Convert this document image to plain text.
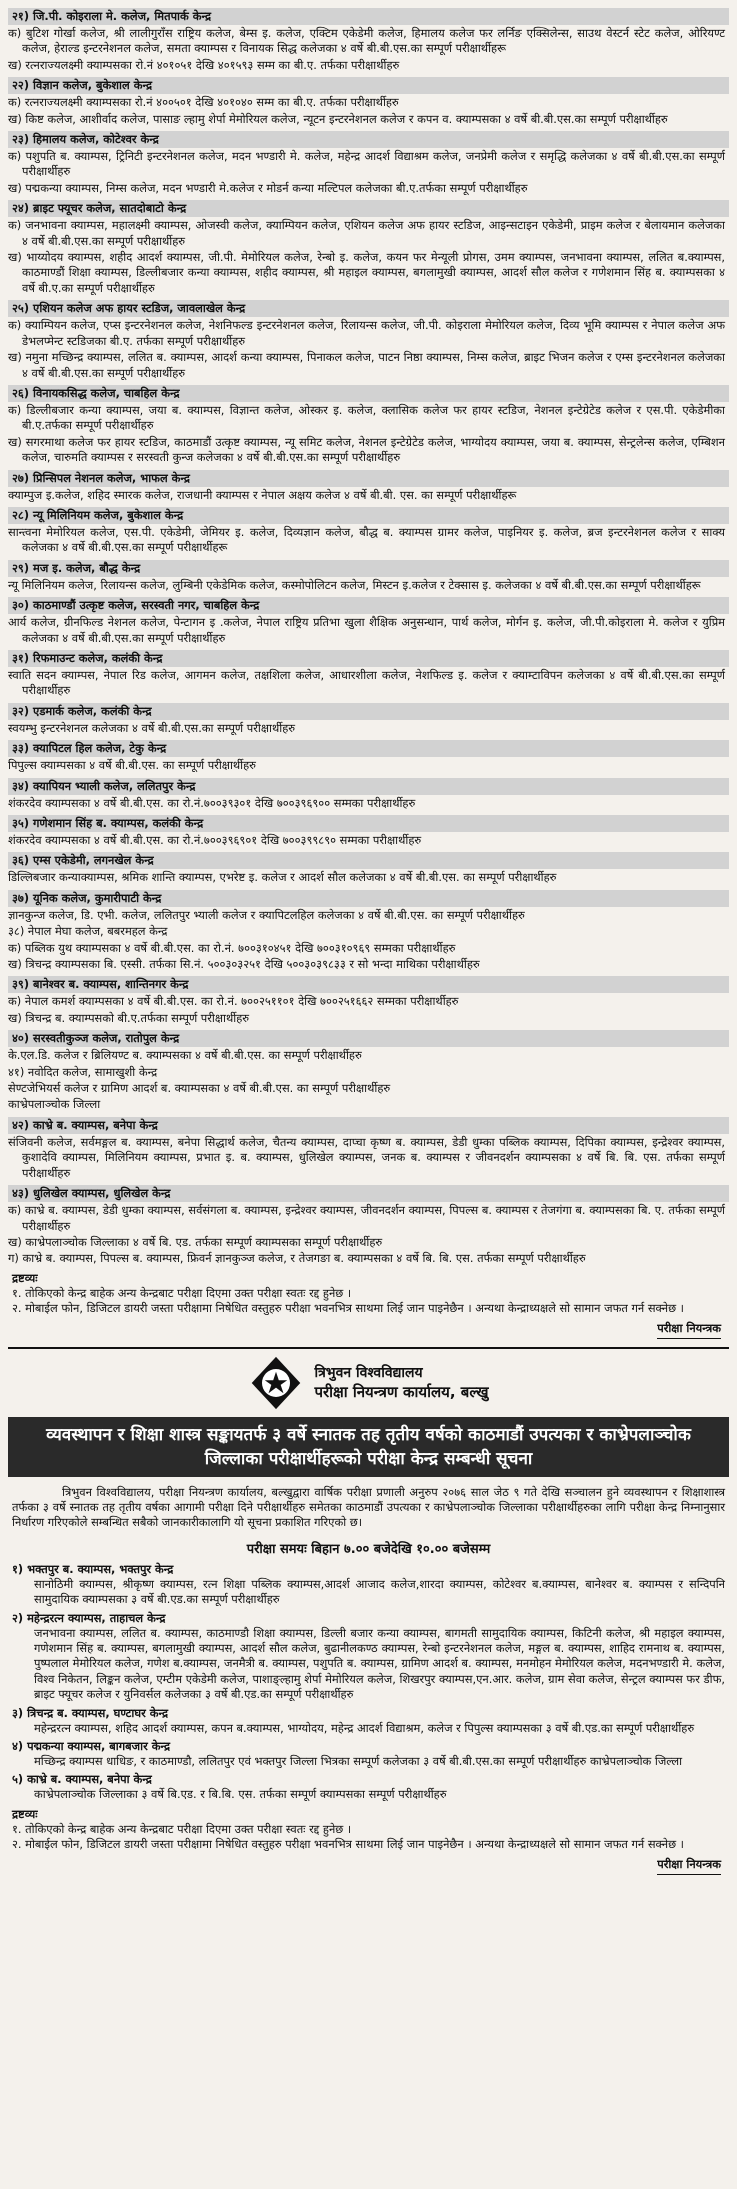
२१) जि.पी. कोइराला मे. कलेज, मितपार्क केन्द्र
क) बुटिश गोर्खा कलेज, श्री लालीगुराँस राष्ट्रिय कलेज, बेम्स इ. कलेज, एक्टिम एकेडेमी कलेज, हिमालय कलेज फर लर्निङ एक्सिलेन्स, साउथ वेस्टर्न स्टेट कलेज, ओरियण्ट कलेज, हेराल्ड इन्टरनेशनल कलेज, समता क्याम्पस र विनायक सिद्ध कलेजका ४ वर्षे बी.बी.एस.का सम्पूर्ण परीक्षार्थीहरू
ख) रत्नराज्यलक्ष्मी क्याम्पसका रो.नं ४०१०५१ देखि ४०१५९३ सम्म का बी.ए. तर्फका परीक्षार्थीहरु
२२) विज्ञान कलेज, बुकेशाल केन्द्र
क) रत्नराज्यलक्ष्मी क्याम्पसका रो.नं ४००५०१ देखि ४०१०४० सम्म का बी.ए. तर्फका परीक्षार्थीहरु
ख) किष्ट कलेज, आशीर्वाद कलेज, पासाङ ल्हामु शेर्पा मेमोरियल कलेज, न्यूटन इन्टरनेशनल कलेज र कपन व. क्याम्पसका ४ वर्षे बी.बी.एस.का सम्पूर्ण परीक्षार्थीहरु
२३) हिमालय कलेज, कोटेश्वर केन्द्र
क) पशुपति ब. क्याम्पस, ट्रिनिटी इन्टरनेशनल कलेज, मदन भण्डारी मे. कलेज, महेन्द्र आदर्श विद्याश्रम कलेज, जनप्रेमी कलेज र समृद्धि कलेजका ४ वर्षे बी.बी.एस.का सम्पूर्ण परीक्षार्थीहरु
ख) पद्मकन्या क्याम्पस, निम्स कलेज, मदन भण्डारी मे.कलेज र मोडर्न कन्या मल्टिपल कलेजका बी.ए.तर्फका सम्पूर्ण परीक्षार्थीहरु
२४) ब्राइट फ्यूचर कलेज, सातदोबाटो केन्द्र
क) जनभावना क्याम्पस, महालक्ष्मी क्याम्पस, ओजस्वी कलेज, क्याम्पियन कलेज, एशियन कलेज अफ हायर स्टडिज, आइन्सटाइन एकेडेमी, प्राइम कलेज र बेलायमान कलेजका ४ वर्षे बी.बी.एस.का सम्पूर्ण परीक्षार्थीहरु
ख) भाय्योदय क्याम्पस, शहीद आदर्श क्याम्पस, जी.पी. मेमोरियल कलेज, रेन्बो इ. कलेज, कयन फर मेन्यूली प्रोगस, उमम क्याम्पस, जनभावना क्याम्पस, ललित ब.क्याम्पस, काठमाण्डौं शिक्षा क्याम्पस, डिल्लीबजार कन्या क्याम्पस, शहीद क्याम्पस, श्री महाइल क्याम्पस, बगलामुखी क्याम्पस, आदर्श सौल कलेज र गणेशमान सिंह ब. क्याम्पसका ४ वर्षे बी.ए.का सम्पूर्ण परीक्षार्थीहरु
२५) एशियन कलेज अफ हायर स्टडिज, जावलाखेल केन्द्र
क) क्याम्पियन कलेज, एप्स इन्टरनेशनल कलेज, नेशनिफल्ड इन्टरनेशनल कलेज, रिलायन्स कलेज, जी.पी. कोइराला मेमोरियल कलेज, दिव्य भूमि क्याम्पस र नेपाल कलेज अफ डेभलप्मेन्ट स्टडिजका बी.ए. तर्फका सम्पूर्ण परीक्षार्थीहरु
ख) नमुना मच्छिन्द्र क्याम्पस, ललित ब. क्याम्पस, आदर्श कन्या क्याम्पस, पिनाकल कलेज, पाटन निष्ठा क्याम्पस, निम्स कलेज, ब्राइट भिजन कलेज र एम्स इन्टरनेशनल कलेजका ४ वर्षे बी.बी.एस.का सम्पूर्ण परीक्षार्थीहरु
२६) विनायकसिद्ध कलेज, चाबहिल केन्द्र
क) डिल्लीबजार कन्या क्याम्पस, जया ब. क्याम्पस, विज्ञान्त कलेज, ओस्कर इ. कलेज, क्लासिक कलेज फर हायर स्टडिज, नेशनल इन्टेग्रेटेड कलेज र एस.पी. एकेडेमीका बी.ए.तर्फका सम्पूर्ण परीक्षार्थीहरु
ख) सगरमाथा कलेज फर हायर स्टडिज, काठमाडौं उत्कृष्ट क्याम्पस, न्यू समिट कलेज, नेशनल इन्टेग्रेटेड कलेज, भाग्योदय क्याम्पस, जया ब. क्याम्पस, सेन्ट्रलेन्स कलेज, एम्बिशन कलेज, चारुमति क्याम्पस र सरस्वती कुन्ज कलेजका ४ वर्षे बी.बी.एस.का सम्पूर्ण परीक्षार्थीहरु
२७) प्रिन्सिपल नेशनल कलेज, भाफल केन्द्र
क्याम्पुज इ.कलेज, शहिद स्मारक कलेज, राजधानी क्याम्पस र नेपाल अक्षय कलेज ४ वर्षे बी.बी. एस. का सम्पूर्ण परीक्षार्थीहरू
२८) न्यू मिलिनियम कलेज, बुकेशाल केन्द्र
सान्त्वना मेमोरियल कलेज, एस.पी. एकेडेमी, जेमियर इ. कलेज, दिव्यज्ञान कलेज, बौद्ध ब. क्याम्पस ग्रामर कलेज, पाइनियर इ. कलेज, ब्रज इन्टरनेशनल कलेज र साक्य कलेजका ४ वर्षे बी.बी.एस.का सम्पूर्ण परीक्षार्थीहरू
२९) मज इ. कलेज, बौद्ध केन्द्र
न्यू मिलिनियम कलेज, रिलायन्स कलेज, लुम्बिनी एकेडेमिक कलेज, कस्मोपोलिटन कलेज, मिस्टन इ.कलेज र टेक्सास इ. कलेजका ४ वर्षे बी.बी.एस.का सम्पूर्ण परीक्षार्थीहरू
३०) काठमाण्डौं उत्कृष्ट कलेज, सरस्वती नगर, चाबहिल केन्द्र
आर्य कलेज, ग्रीनफिल्ड नेशनल कलेज, पेन्टागन इ .कलेज, नेपाल राष्ट्रिय प्रतिभा खुला शैक्षिक अनुसन्धान, पार्थ कलेज, मोर्गन इ. कलेज, जी.पी.कोइराला मे. कलेज र युप्रिम कलेजका ४ वर्षे बी.बी.एस.का सम्पूर्ण परीक्षार्थीहरु
३१) रिफमाउन्ट कलेज, कलंकी केन्द्र
स्वाति सदन क्याम्पस, नेपाल रिड कलेज, आगमन कलेज, तक्षशिला कलेज, आधारशीला कलेज, नेशफिल्ड इ. कलेज र क्याम्टाविपन कलेजका ४ वर्षे बी.बी.एस.का सम्पूर्ण परीक्षार्थीहरु
३२) एडमार्क कलेज, कलंकी केन्द्र
स्वयम्भु इन्टरनेशनल कलेजका ४ वर्षे बी.बी.एस.का सम्पूर्ण परीक्षार्थीहरु
३३) क्यापिटल हिल कलेज, टेकु केन्द्र
पिपुल्स क्याम्पसका ४ वर्षे बी.बी.एस. का सम्पूर्ण परीक्षार्थीहरु
३४) क्यापियन भ्याली कलेज, ललितपुर केन्द्र
शंकरदेव क्याम्पसका ४ वर्षे बी.बी.एस. का रो.नं.७००३९३०१ देखि ७००३९६९०० सम्मका परीक्षार्थीहरु
३५) गणेशमान सिंह ब. क्याम्पस, कलंकी केन्द्र
शंकरदेव क्याम्पसका ४ वर्षे बी.बी.एस. का रो.नं.७००३९६९०१ देखि ७००३९९८९० सम्मका परीक्षार्थीहरु
३६) एम्स एकेडेमी, लगनखेल केन्द्र
डिल्लिबजार कन्याक्याम्पस, श्रमिक शान्ति क्याम्पस, एभरेष्ट इ. कलेज र आदर्श सौल कलेजका ४ वर्षे बी.बी.एस. का सम्पूर्ण परीक्षार्थीहरु
३७) यूनिक कलेज, कुमारीपाटी केन्द्र
ज्ञानकुन्ज कलेज, डि. एभी. कलेज, ललितपुर भ्याली कलेज र क्यापिटलहिल कलेजका ४ वर्षे बी.बी.एस. का सम्पूर्ण परीक्षार्थीहरु
३८) नेपाल मेघा कलेज, बबरमहल केन्द्र
क) पब्लिक युथ क्याम्पसका ४ वर्षे बी.बी.एस. का रो.नं. ७००३१०४५१ देखि ७००३१०९६९ सम्मका परीक्षार्थीहरु
ख) त्रिचन्द्र क्याम्पसका बि. एस्सी. तर्फका सि.नं. ५००३०३२५१ देखि ५००३०३९८३३ र सो भन्दा माथिका परीक्षार्थीहरु
३९) बानेश्वर ब. क्याम्पस, शान्तिनगर केन्द्र
क) नेपाल कमर्श क्याम्पसका ४ वर्षे बी.बी.एस. का रो.नं. ७००२५११०१ देखि ७००२५१६६२ सम्मका परीक्षार्थीहरु
ख) त्रिचन्द्र ब. क्याम्पसको बी.ए.तर्फका सम्पूर्ण परीक्षार्थीहरु
४०) सरस्वतीकुञ्ज कलेज, रातोपुल केन्द्र
के.एल.डि. कलेज र ब्रिलियण्ट ब. क्याम्पसका ४ वर्षे बी.बी.एस. का सम्पूर्ण परीक्षार्थीहरु
४१) नवोदित कलेज, सामाखुशी केन्द्र
सेण्टजेभियर्स कलेज र ग्रामिण आदर्श ब. क्याम्पसका ४ वर्षे बी.बी.एस. का सम्पूर्ण परीक्षार्थीहरु
काभ्रेपलाञ्चोक जिल्ला
४२) काभ्रे ब. क्याम्पस, बनेपा केन्द्र
संजिवनी कलेज, सर्वमङ्गल ब. क्याम्पस, बनेपा सिद्धार्थ कलेज, चैतन्य क्याम्पस, दाप्चा कृष्ण ब. क्याम्पस, डेडी धुम्का पब्लिक क्याम्पस, दिपिका क्याम्पस, इन्द्रेश्वर क्याम्पस, कुशादेवि क्याम्पस, मिलिनियम क्याम्पस, प्रभात इ. ब. क्याम्पस, धुलिखेल क्याम्पस, जनक ब. क्याम्पस र जीवनदर्शन क्याम्पसका ४ वर्षे बि. बि. एस. तर्फका सम्पूर्ण परीक्षार्थीहरु
४३) धुलिखेल क्याम्पस, धुलिखेल केन्द्र
क) काभ्रे ब. क्याम्पस, डेडी धुम्का क्याम्पस, सर्वसंगला ब. क्याम्पस, इन्द्रेश्वर क्याम्पस, जीवनदर्शन क्याम्पस, पिपल्स ब. क्याम्पस र तेजगंगा ब. क्याम्पसका बि. ए. तर्फका सम्पूर्ण परीक्षार्थीहरु
ख) काभ्रेपलाञ्चोक जिल्लाका ४ वर्षे बि. एड. तर्फका सम्पूर्ण क्याम्पसका सम्पूर्ण परीक्षार्थीहरु
ग) काभ्रे ब. क्याम्पस, पिपल्स ब. क्याम्पस, फ्रिवर्न ज्ञानकुञ्ज कलेज, र तेजगङा ब. क्याम्पसका ४ वर्षे बि. बि. एस. तर्फका सम्पूर्ण परीक्षार्थीहरु
द्रष्टव्यः
१. तोकिएको केन्द्र बाहेक अन्य केन्द्रबाट परीक्षा दिएमा उक्त परीक्षा स्वतः रद्द हुनेछ ।
२. मोबाईल फोन, डिजिटल डायरी जस्ता परीक्षामा निषेधित वस्तुहरु परीक्षा भवनभित्र साथमा लिई जान पाइनेछैन । अन्यथा केन्द्राध्यक्षले सो सामान जफत गर्न सक्नेछ ।
परीक्षा नियन्त्रक
त्रिभुवन विश्वविद्यालय
परीक्षा नियन्त्रण कार्यालय, बल्खु
व्यवस्थापन र शिक्षा शास्त्र सङ्कायतर्फ ३ वर्षे स्नातक तह तृतीय वर्षको काठमाडौं उपत्यका र काभ्रेपलाञ्चोक जिल्लाका परीक्षार्थीहरूको परीक्षा केन्द्र सम्बन्धी सूचना
त्रिभुवन विश्वविद्यालय, परीक्षा नियन्त्रण कार्यालय, बल्खुद्वारा वार्षिक परीक्षा प्रणाली अनुरुप २०७६ साल जेठ ९ गते देखि सञ्चालन हुने व्यवस्थापन र शिक्षाशास्त्र तर्फका ३ वर्षे स्नातक तह तृतीय वर्षका आगामी परीक्षा दिने परीक्षार्थीहरु समेतका काठमाडौं उपत्यका र काभ्रेपलाञ्चोक जिल्लाका परीक्षार्थीहरुका लागि परीक्षा केन्द्र निम्नानुसार निर्धारण गरिएकोले सम्बन्धित सबैको जानकारीकालागि यो सूचना प्रकाशित गरिएको छ।
परीक्षा समयः बिहान ७.०० बजेदेखि १०.०० बजेसम्म
१) भक्तपुर ब. क्याम्पस, भक्तपुर केन्द्र
सानोठिमी क्याम्पस, श्रीकृष्ण क्याम्पस, रत्न शिक्षा पब्लिक क्याम्पस,आदर्श आजाद कलेज,शारदा क्याम्पस, कोटेश्वर ब.क्याम्पस, बानेश्वर ब. क्याम्पस र सन्दिपनि सामुदायिक क्याम्पसका ३ वर्षे बी.एड.का सम्पूर्ण परीक्षार्थीहरु
२) महेन्द्ररत्न क्याम्पस, ताहाचल केन्द्र
जनभावना क्याम्पस, ललित ब. क्याम्पस, काठमाण्डौ शिक्षा क्याम्पस, डिल्ली बजार कन्या क्याम्पस, बागमती सामुदायिक क्याम्पस, किटिनी कलेज, श्री महाइल क्याम्पस, गणेशमान सिंह ब. क्याम्पस, बगलामुखी क्याम्पस, आदर्श सौल कलेज, बुढानीलकण्ठ क्याम्पस, रेन्बो इन्टरनेशनल कलेज, मङ्गल ब. क्याम्पस, शाहिद रामनाथ ब. क्याम्पस, पुष्पलाल मेमोरियल कलेज, गणेश ब.क्याम्पस, जनमैत्री ब. क्याम्पस, पशुपति ब. क्याम्पस, ग्रामिण आदर्श ब. क्याम्पस, मनमोहन मेमोरियल कलेज, मदनभण्डारी मे. कलेज, विश्व निकेतन, लिङ्कन कलेज, एम्टीम एकेडेमी कलेज, पाशाङ्ल्हामु शेर्पा मेमोरियल कलेज, शिखरपुर क्याम्पस,एन.आर. कलेज, ग्राम सेवा कलेज, सेन्ट्रल क्याम्पस फर डीफ, ब्राइट फ्यूचर कलेज र युनिवर्सल कलेजका ३ वर्षे बी.एड.का सम्पूर्ण परीक्षार्थीहरु
३) त्रिचन्द्र ब. क्याम्पस, घण्टाघर केन्द्र
महेन्द्ररत्न क्याम्पस, शहिद आदर्श क्याम्पस, कपन ब.क्याम्पस, भाग्योदय, महेन्द्र आदर्श विद्याश्रम, कलेज र पिपुल्स क्याम्पसका ३ वर्षे बी.एड.का सम्पूर्ण परीक्षार्थीहरु
४) पद्मकन्या क्याम्पस, बागबजार केन्द्र
मच्छिन्द्र क्याम्पस धाधिङ, र काठमाण्डौ, ललितपुर एवं भक्तपुर जिल्ला भित्रका सम्पूर्ण कलेजका ३ वर्षे बी.बी.एस.का सम्पूर्ण परीक्षार्थीहरु काभ्रेपलाञ्चोक जिल्ला
५) काभ्रे ब. क्याम्पस, बनेपा केन्द्र
काभ्रेपलाञ्चोक जिल्लाका ३ वर्षे बि.एड. र बि.बि. एस. तर्फका सम्पूर्ण क्याम्पसका सम्पूर्ण परीक्षार्थीहरु
द्रष्टव्यः
१. तोकिएको केन्द्र बाहेक अन्य केन्द्रबाट परीक्षा दिएमा उक्त परीक्षा स्वतः रद्द हुनेछ ।
२. मोबाईल फोन, डिजिटल डायरी जस्ता परीक्षामा निषेधित वस्तुहरु परीक्षा भवनभित्र साथमा लिई जान पाइनेछैन । अन्यथा केन्द्राध्यक्षले सो सामान जफत गर्न सक्नेछ ।
परीक्षा नियन्त्रक
